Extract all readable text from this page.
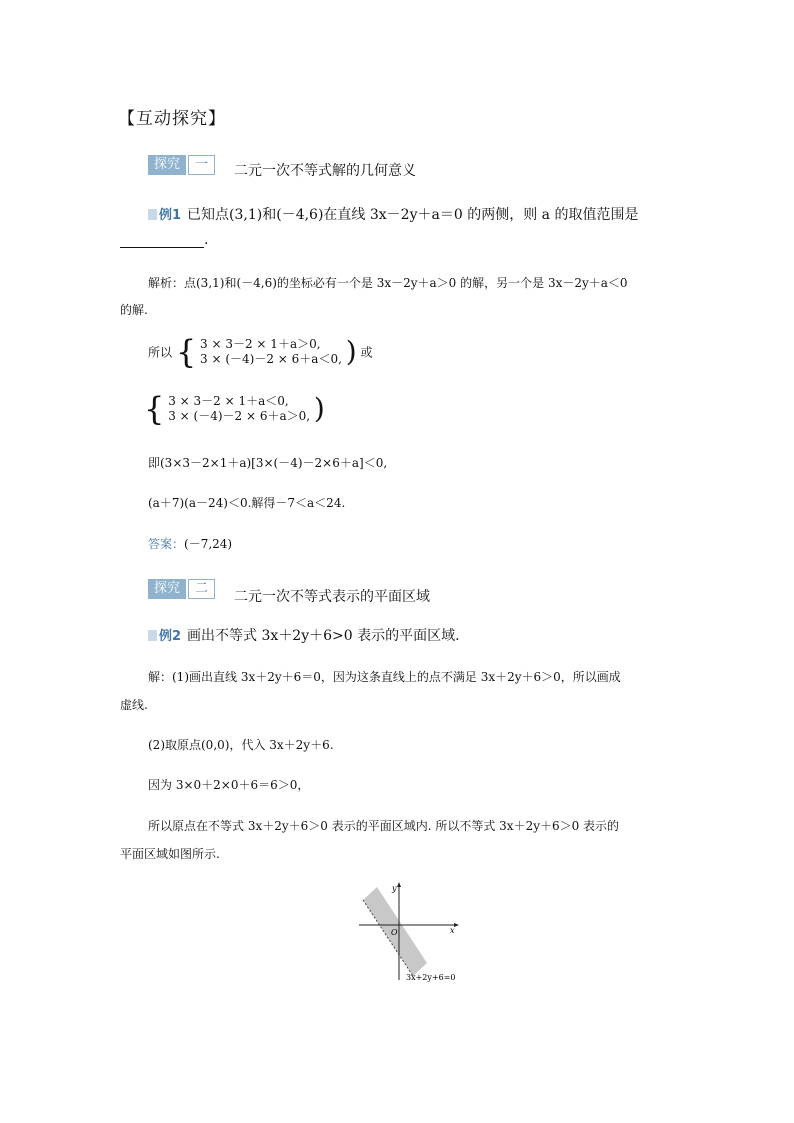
【互动探究】
探究	一	二元一次不等式解的几何意义
例1 已知点(3,1)和(－4,6)在直线 3x－2y＋a＝0 的两侧，则 a 的取值范围是
.
解析：点(3,1)和(－4,6)的坐标必有一个是 3x－2y＋a＞0 的解，另一个是 3x－2y＋a＜0
的解.
所以 { 3 × 3－2 × 1＋a＞0,
3 × (－4)－2 × 6＋a＜0, ) 或
{ 3 × 3－2 × 1＋a＜0,
3 × (－4)－2 × 6＋a＞0, )
即(3×3－2×1＋a)[3×(－4)－2×6＋a]＜0,
(a＋7)(a－24)＜0.解得－7＜a＜24.
答案：(－7,24)
探究	二
二元一次不等式表示的平面区域
例2 画出不等式 3x＋2y＋6>0 表示的平面区域.
解：(1)画出直线 3x＋2y＋6＝0，因为这条直线上的点不满足 3x＋2y＋6＞0，所以画成
虚线.
(2)取原点(0,0)，代入 3x＋2y＋6.
因为 3×0＋2×0＋6＝6＞0，
所以原点在不等式 3x＋2y＋6＞0 表示的平面区域内. 所以不等式 3x＋2y＋6＞0 表示的
平面区域如图所示.
y
x
O
3x+2y+6=0
